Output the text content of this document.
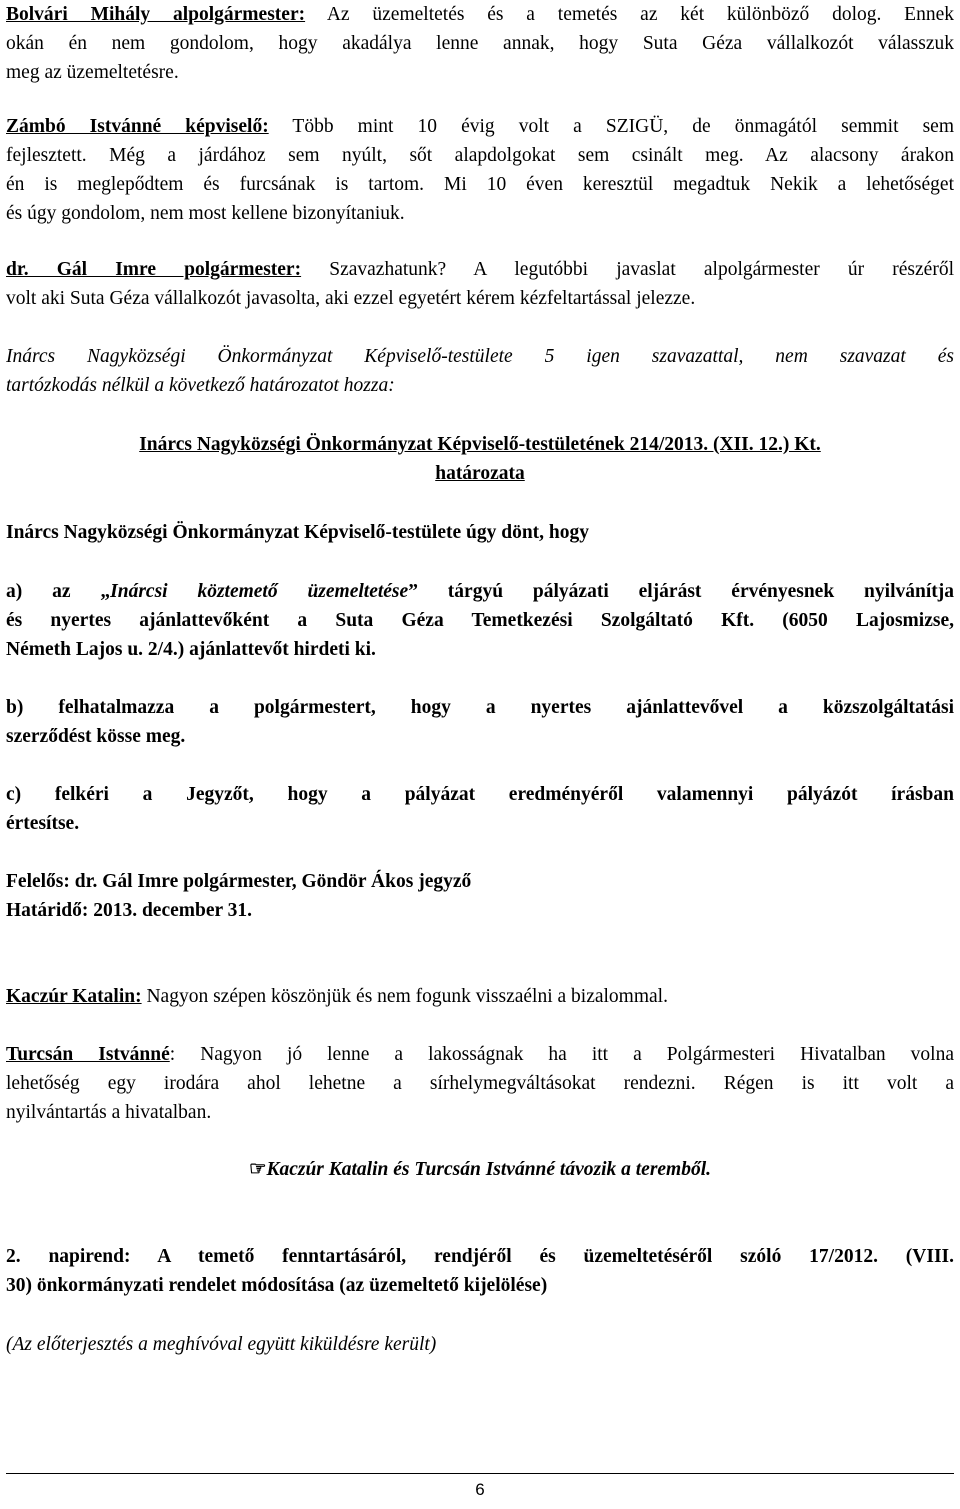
Bolvári Mihály alpolgármester: Az üzemeltetés és a temetés az két különböző dolog. Ennek
okán én nem gondolom, hogy akadálya lenne annak, hogy Suta Géza vállalkozót válasszuk
meg az üzemeltetésre.
Zámbó Istvánné képviselő: Több mint 10 évig volt a SZIGÜ, de önmagától semmit sem
fejlesztett. Még a járdához sem nyúlt, sőt alapdolgokat sem csinált meg. Az alacsony árakon
én is meglepődtem és furcsának is tartom. Mi 10 éven keresztül megadtuk Nekik a lehetőséget
és úgy gondolom, nem most kellene bizonyítaniuk.
dr. Gál Imre polgármester: Szavazhatunk? A legutóbbi javaslat alpolgármester úr részéről
volt aki Suta Géza vállalkozót javasolta, aki ezzel egyetért kérem kézfeltartással jelezze.
Inárcs Nagyközségi Önkormányzat Képviselő-testülete 5 igen szavazattal, nem szavazat és
tartózkodás nélkül a következő határozatot hozza:
Inárcs Nagyközségi Önkormányzat Képviselő-testületének 214/2013. (XII. 12.) Kt.
határozata
Inárcs Nagyközségi Önkormányzat Képviselő-testülete úgy dönt, hogy
a) az „Inárcsi köztemető üzemeltetése” tárgyú pályázati eljárást érvényesnek nyilvánítja
és nyertes ajánlattevőként a Suta Géza Temetkezési Szolgáltató Kft. (6050 Lajosmizse,
Németh Lajos u. 2/4.) ajánlattevőt hirdeti ki.
b) felhatalmazza a polgármestert, hogy a nyertes ajánlattevővel a közszolgáltatási
szerződést kösse meg.
c) felkéri a Jegyzőt, hogy a pályázat eredményéről valamennyi pályázót írásban
értesítse.
Felelős: dr. Gál Imre polgármester, Göndör Ákos jegyző
Határidő: 2013. december 31.
Kaczúr Katalin: Nagyon szépen köszönjük és nem fogunk visszaélni a bizalommal.
Turcsán Istvánné: Nagyon jó lenne a lakosságnak ha itt a Polgármesteri Hivatalban volna
lehetőség egy irodára ahol lehetne a sírhelymegváltásokat rendezni. Régen is itt volt a
nyilvántartás a hivatalban.
☞Kaczúr Katalin és Turcsán Istvánné távozik a teremből.
2. napirend: A temető fenntartásáról, rendjéről és üzemeltetéséről szóló 17/2012. (VIII.
30) önkormányzati rendelet módosítása (az üzemeltető kijelölése)
(Az előterjesztés a meghívóval együtt kiküldésre került)
6
